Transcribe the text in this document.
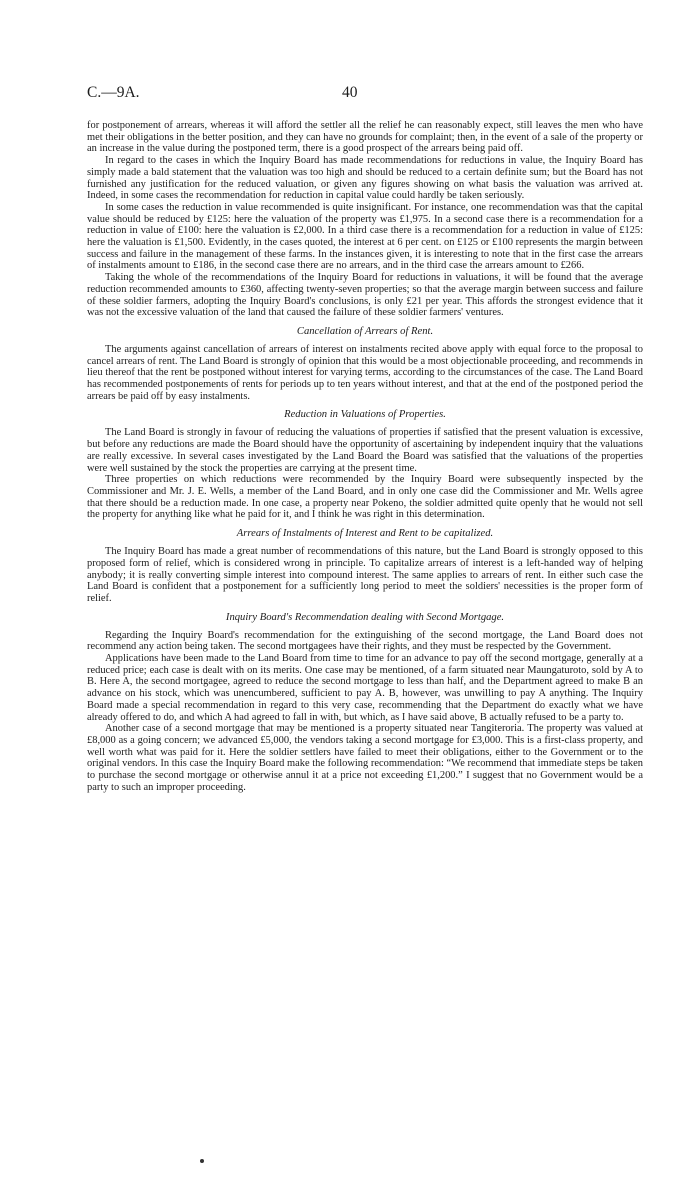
C.—9A.	40

for postponement of arrears, whereas it will afford the settler all the relief he can reasonably expect, still leaves the men who have met their obligations in the better position, and they can have no grounds for complaint; then, in the event of a sale of the property or an increase in the value during the postponed term, there is a good prospect of the arrears being paid off.

In regard to the cases in which the Inquiry Board has made recommendations for reductions in value, the Inquiry Board has simply made a bald statement that the valuation was too high and should be reduced to a certain definite sum; but the Board has not furnished any justification for the reduced valuation, or given any figures showing on what basis the valuation was arrived at. Indeed, in some cases the recommendation for reduction in capital value could hardly be taken seriously.

In some cases the reduction in value recommended is quite insignificant. For instance, one recommendation was that the capital value should be reduced by £125: here the valuation of the property was £1,975. In a second case there is a recommendation for a reduction in value of £100: here the valuation is £2,000. In a third case there is a recommendation for a reduction in value of £125: here the valuation is £1,500. Evidently, in the cases quoted, the interest at 6 per cent. on £125 or £100 represents the margin between success and failure in the management of these farms. In the instances given, it is interesting to note that in the first case the arrears of instalments amount to £186, in the second case there are no arrears, and in the third case the arrears amount to £266.

Taking the whole of the recommendations of the Inquiry Board for reductions in valuations, it will be found that the average reduction recommended amounts to £360, affecting twenty-seven properties; so that the average margin between success and failure of these soldier farmers, adopting the Inquiry Board's conclusions, is only £21 per year. This affords the strongest evidence that it was not the excessive valuation of the land that caused the failure of these soldier farmers' ventures.

Cancellation of Arrears of Rent.

The arguments against cancellation of arrears of interest on instalments recited above apply with equal force to the proposal to cancel arrears of rent. The Land Board is strongly of opinion that this would be a most objectionable proceeding, and recommends in lieu thereof that the rent be postponed without interest for varying terms, according to the circumstances of the case. The Land Board has recommended postponements of rents for periods up to ten years without interest, and that at the end of the postponed period the arrears be paid off by easy instalments.

Reduction in Valuations of Properties.

The Land Board is strongly in favour of reducing the valuations of properties if satisfied that the present valuation is excessive, but before any reductions are made the Board should have the opportunity of ascertaining by independent inquiry that the valuations are really excessive. In several cases investigated by the Land Board the Board was satisfied that the valuations of the properties were well sustained by the stock the properties are carrying at the present time.

Three properties on which reductions were recommended by the Inquiry Board were subsequently inspected by the Commissioner and Mr. J. E. Wells, a member of the Land Board, and in only one case did the Commissioner and Mr. Wells agree that there should be a reduction made. In one case, a property near Pokeno, the soldier admitted quite openly that he would not sell the property for anything like what he paid for it, and I think he was right in this determination.

Arrears of Instalments of Interest and Rent to be capitalized.

The Inquiry Board has made a great number of recommendations of this nature, but the Land Board is strongly opposed to this proposed form of relief, which is considered wrong in principle. To capitalize arrears of interest is a left-handed way of helping anybody; it is really converting simple interest into compound interest. The same applies to arrears of rent. In either such case the Land Board is confident that a postponement for a sufficiently long period to meet the soldiers' necessities is the proper form of relief.

Inquiry Board's Recommendation dealing with Second Mortgage.

Regarding the Inquiry Board's recommendation for the extinguishing of the second mortgage, the Land Board does not recommend any action being taken. The second mortgagees have their rights, and they must be respected by the Government.

Applications have been made to the Land Board from time to time for an advance to pay off the second mortgage, generally at a reduced price; each case is dealt with on its merits. One case may be mentioned, of a farm situated near Maungaturoto, sold by A to B. Here A, the second mortgagee, agreed to reduce the second mortgage to less than half, and the Department agreed to make B an advance on his stock, which was unencumbered, sufficient to pay A. B, however, was unwilling to pay A anything. The Inquiry Board made a special recommendation in regard to this very case, recommending that the Department do exactly what we have already offered to do, and which A had agreed to fall in with, but which, as I have said above, B actually refused to be a party to.

Another case of a second mortgage that may be mentioned is a property situated near Tangiteroria. The property was valued at £8,000 as a going concern; we advanced £5,000, the vendors taking a second mortgage for £3,000. This is a first-class property, and well worth what was paid for it. Here the soldier settlers have failed to meet their obligations, either to the Government or to the original vendors. In this case the Inquiry Board make the following recommendation: “We recommend that immediate steps be taken to purchase the second mortgage or otherwise annul it at a price not exceeding £1,200.” I suggest that no Government would be a party to such an improper proceeding.
